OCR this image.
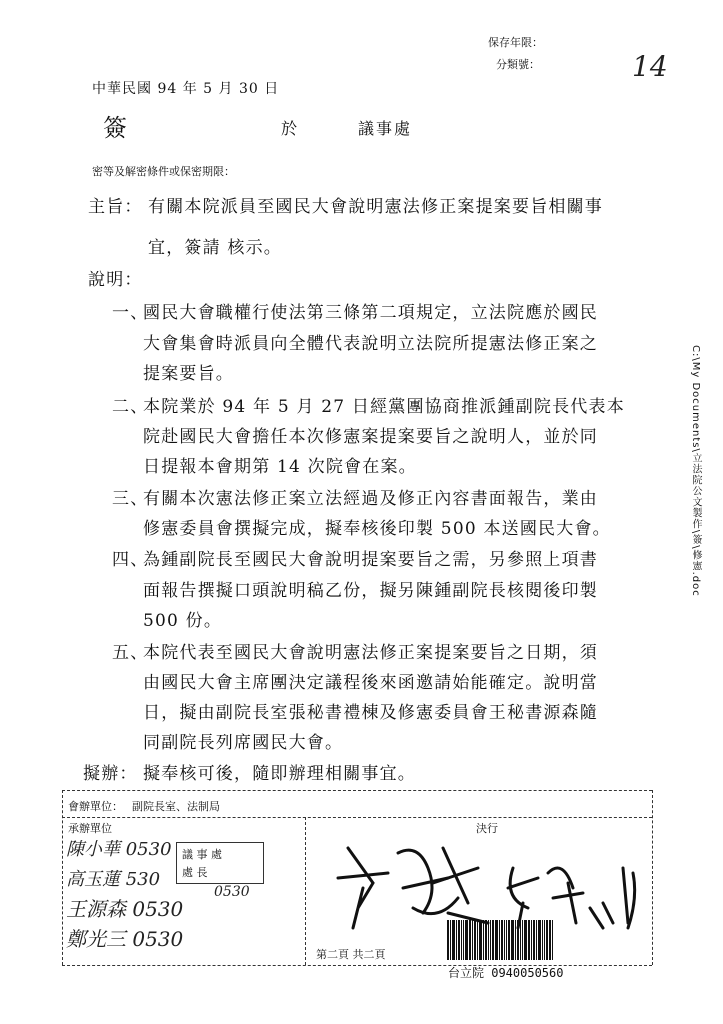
保存年限：
分類號：	14
中華民國 94 年 5 月 30 日
簽	於	議事處
密等及解密條件或保密期限：
主旨： 有關本院派員至國民大會說明憲法修正案提案要旨相關事
宜，簽請 核示。
說明：
一、
國民大會職權行使法第三條第二項規定，立法院應於國民
大會集會時派員向全體代表說明立法院所提憲法修正案之
提案要旨。
二、
本院業於 94 年 5 月 27 日經黨團協商推派鍾副院長代表本
院赴國民大會擔任本次修憲案提案要旨之說明人，並於同
日提報本會期第 14 次院會在案。
三、
有關本次憲法修正案立法經過及修正內容書面報告，業由
修憲委員會撰擬完成，擬奉核後印製 500 本送國民大會。
四、
為鍾副院長至國民大會說明提案要旨之需，另參照上項書
面報告撰擬口頭說明稿乙份，擬另陳鍾副院長核閱後印製
500 份。
五、
本院代表至國民大會說明憲法修正案提案要旨之日期，須
由國民大會主席團決定議程後來函邀請始能確定。說明當
日，擬由副院長室張秘書禮棟及修憲委員會王秘書源森隨
同副院長列席國民大會。
擬辦： 擬奉核可後，隨即辦理相關事宜。
會辦單位： 副院長室、法制局
承辦單位	決行
陳小華 0530
高玉蓮 530
王源森 0530
鄭光三 0530
議 事 處
處 長
0530
第二頁 共二頁
台立院 0940050560
C:\My Documents\立法院公文製作\簽\修憲.doc
